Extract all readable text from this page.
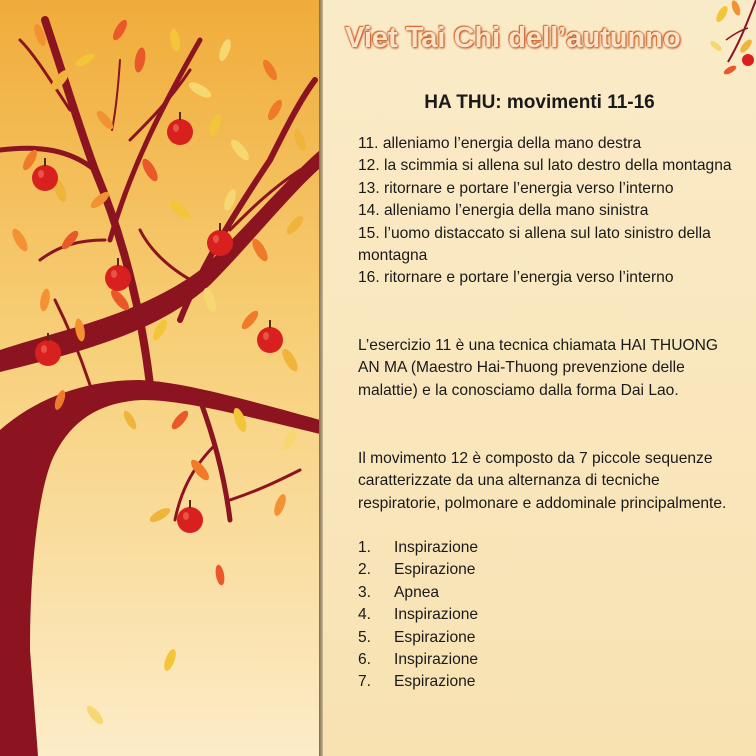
Viet Tai Chi dell’autunno
HA THU: movimenti 11-16
11. alleniamo l’energia della mano destra
12. la scimmia si allena sul lato destro della montagna
13. ritornare e portare l’energia verso l’interno
14. alleniamo l’energia della mano sinistra
15. l’uomo distaccato si allena sul lato sinistro della montagna
16. ritornare e portare l’energia verso l’interno

L’esercizio 11 è una tecnica chiamata HAI THUONG AN MA (Maestro Hai-Thuong prevenzione delle malattie) e la conosciamo dalla forma Dai Lao.

Il movimento 12 è composto da 7 piccole sequenze caratterizzate da una alternanza di tecniche respiratorie, polmonare e addominale principalmente.

1. Inspirazione
2. Espirazione
3. Apnea
4. Inspirazione
5. Espirazione
6. Inspirazione
7. Espirazione
